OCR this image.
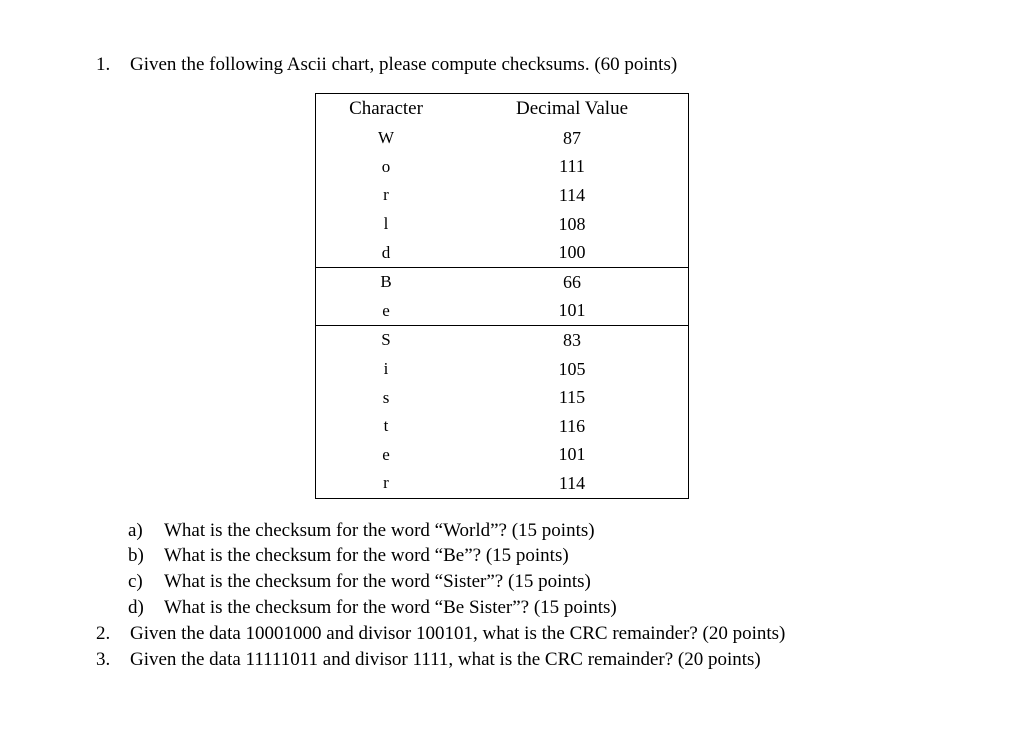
1. Given the following Ascii chart, please compute checksums. (60 points)
Character	Decimal Value
W	87
o	111
r	114
l	108
d	100
B	66
e	101
S	83
i	105
s	115
t	116
e	101
r	114
a) What is the checksum for the word “World”? (15 points)
b) What is the checksum for the word “Be”? (15 points)
c) What is the checksum for the word “Sister”? (15 points)
d) What is the checksum for the word “Be Sister”? (15 points)
2. Given the data 10001000 and divisor 100101, what is the CRC remainder? (20 points)
3. Given the data 11111011 and divisor 1111, what is the CRC remainder? (20 points)
